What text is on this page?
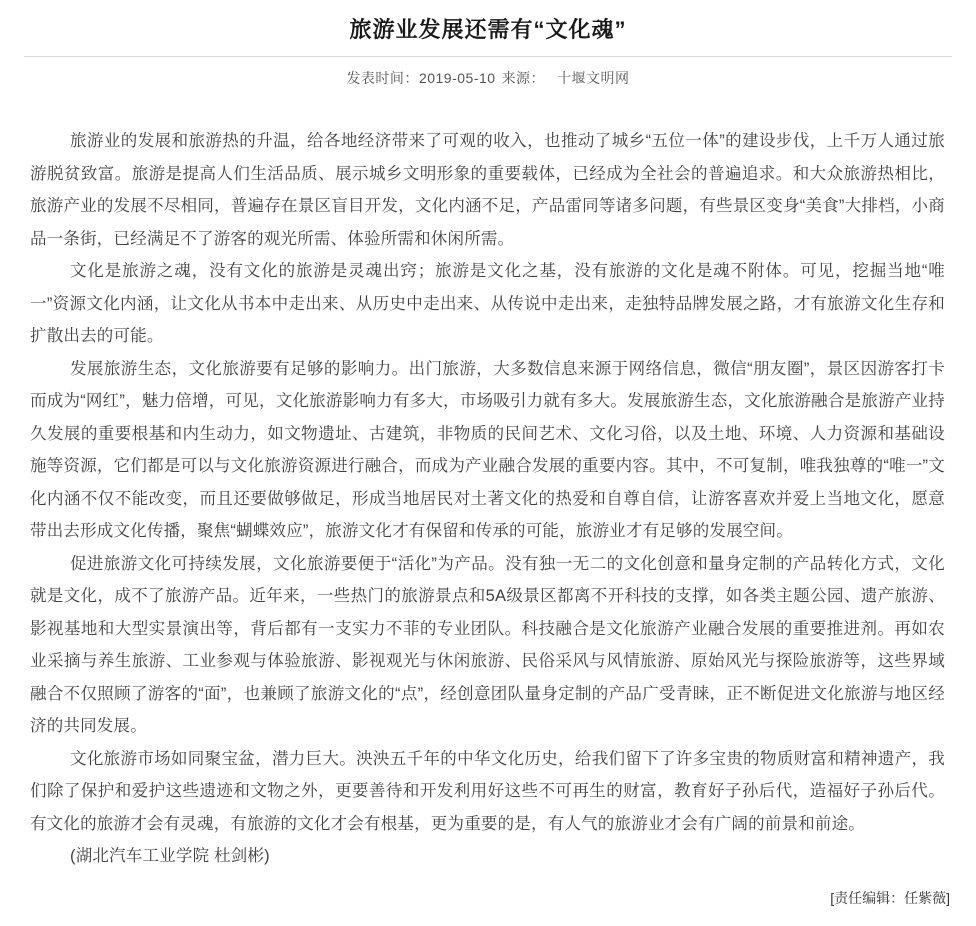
旅游业发展还需有“文化魂”
发表时间：2019-05-10 来源： 十堰文明网

旅游业的发展和旅游热的升温，给各地经济带来了可观的收入，也推动了城乡“五位一体”的建设步伐，上千万人通过旅游脱贫致富。旅游是提高人们生活品质、展示城乡文明形象的重要载体，已经成为全社会的普遍追求。和大众旅游热相比，旅游产业的发展不尽相同，普遍存在景区盲目开发，文化内涵不足，产品雷同等诸多问题，有些景区变身“美食”大排档，小商品一条街，已经满足不了游客的观光所需、体验所需和休闲所需。

文化是旅游之魂，没有文化的旅游是灵魂出窍；旅游是文化之基，没有旅游的文化是魂不附体。可见，挖掘当地“唯一”资源文化内涵，让文化从书本中走出来、从历史中走出来、从传说中走出来，走独特品牌发展之路，才有旅游文化生存和扩散出去的可能。

发展旅游生态，文化旅游要有足够的影响力。出门旅游，大多数信息来源于网络信息，微信“朋友圈”，景区因游客打卡而成为“网红”，魅力倍增，可见，文化旅游影响力有多大，市场吸引力就有多大。发展旅游生态，文化旅游融合是旅游产业持久发展的重要根基和内生动力，如文物遗址、古建筑，非物质的民间艺术、文化习俗，以及土地、环境、人力资源和基础设施等资源，它们都是可以与文化旅游资源进行融合，而成为产业融合发展的重要内容。其中，不可复制，唯我独尊的“唯一”文化内涵不仅不能改变，而且还要做够做足，形成当地居民对土著文化的热爱和自尊自信，让游客喜欢并爱上当地文化，愿意带出去形成文化传播，聚焦“蝴蝶效应”，旅游文化才有保留和传承的可能，旅游业才有足够的发展空间。

促进旅游文化可持续发展，文化旅游要便于“活化”为产品。没有独一无二的文化创意和量身定制的产品转化方式，文化就是文化，成不了旅游产品。近年来，一些热门的旅游景点和5A级景区都离不开科技的支撑，如各类主题公园、遗产旅游、影视基地和大型实景演出等，背后都有一支实力不菲的专业团队。科技融合是文化旅游产业融合发展的重要推进剂。再如农业采摘与养生旅游、工业参观与体验旅游、影视观光与休闲旅游、民俗采风与风情旅游、原始风光与探险旅游等，这些界域融合不仅照顾了游客的“面”，也兼顾了旅游文化的“点”，经创意团队量身定制的产品广受青睐，正不断促进文化旅游与地区经济的共同发展。

文化旅游市场如同聚宝盆，潜力巨大。泱泱五千年的中华文化历史，给我们留下了许多宝贵的物质财富和精神遗产，我们除了保护和爱护这些遗迹和文物之外，更要善待和开发利用好这些不可再生的财富，教育好子孙后代，造福好子孙后代。有文化的旅游才会有灵魂，有旅游的文化才会有根基，更为重要的是，有人气的旅游业才会有广阔的前景和前途。

(湖北汽车工业学院 杜剑彬)

[责任编辑：任紫薇]
